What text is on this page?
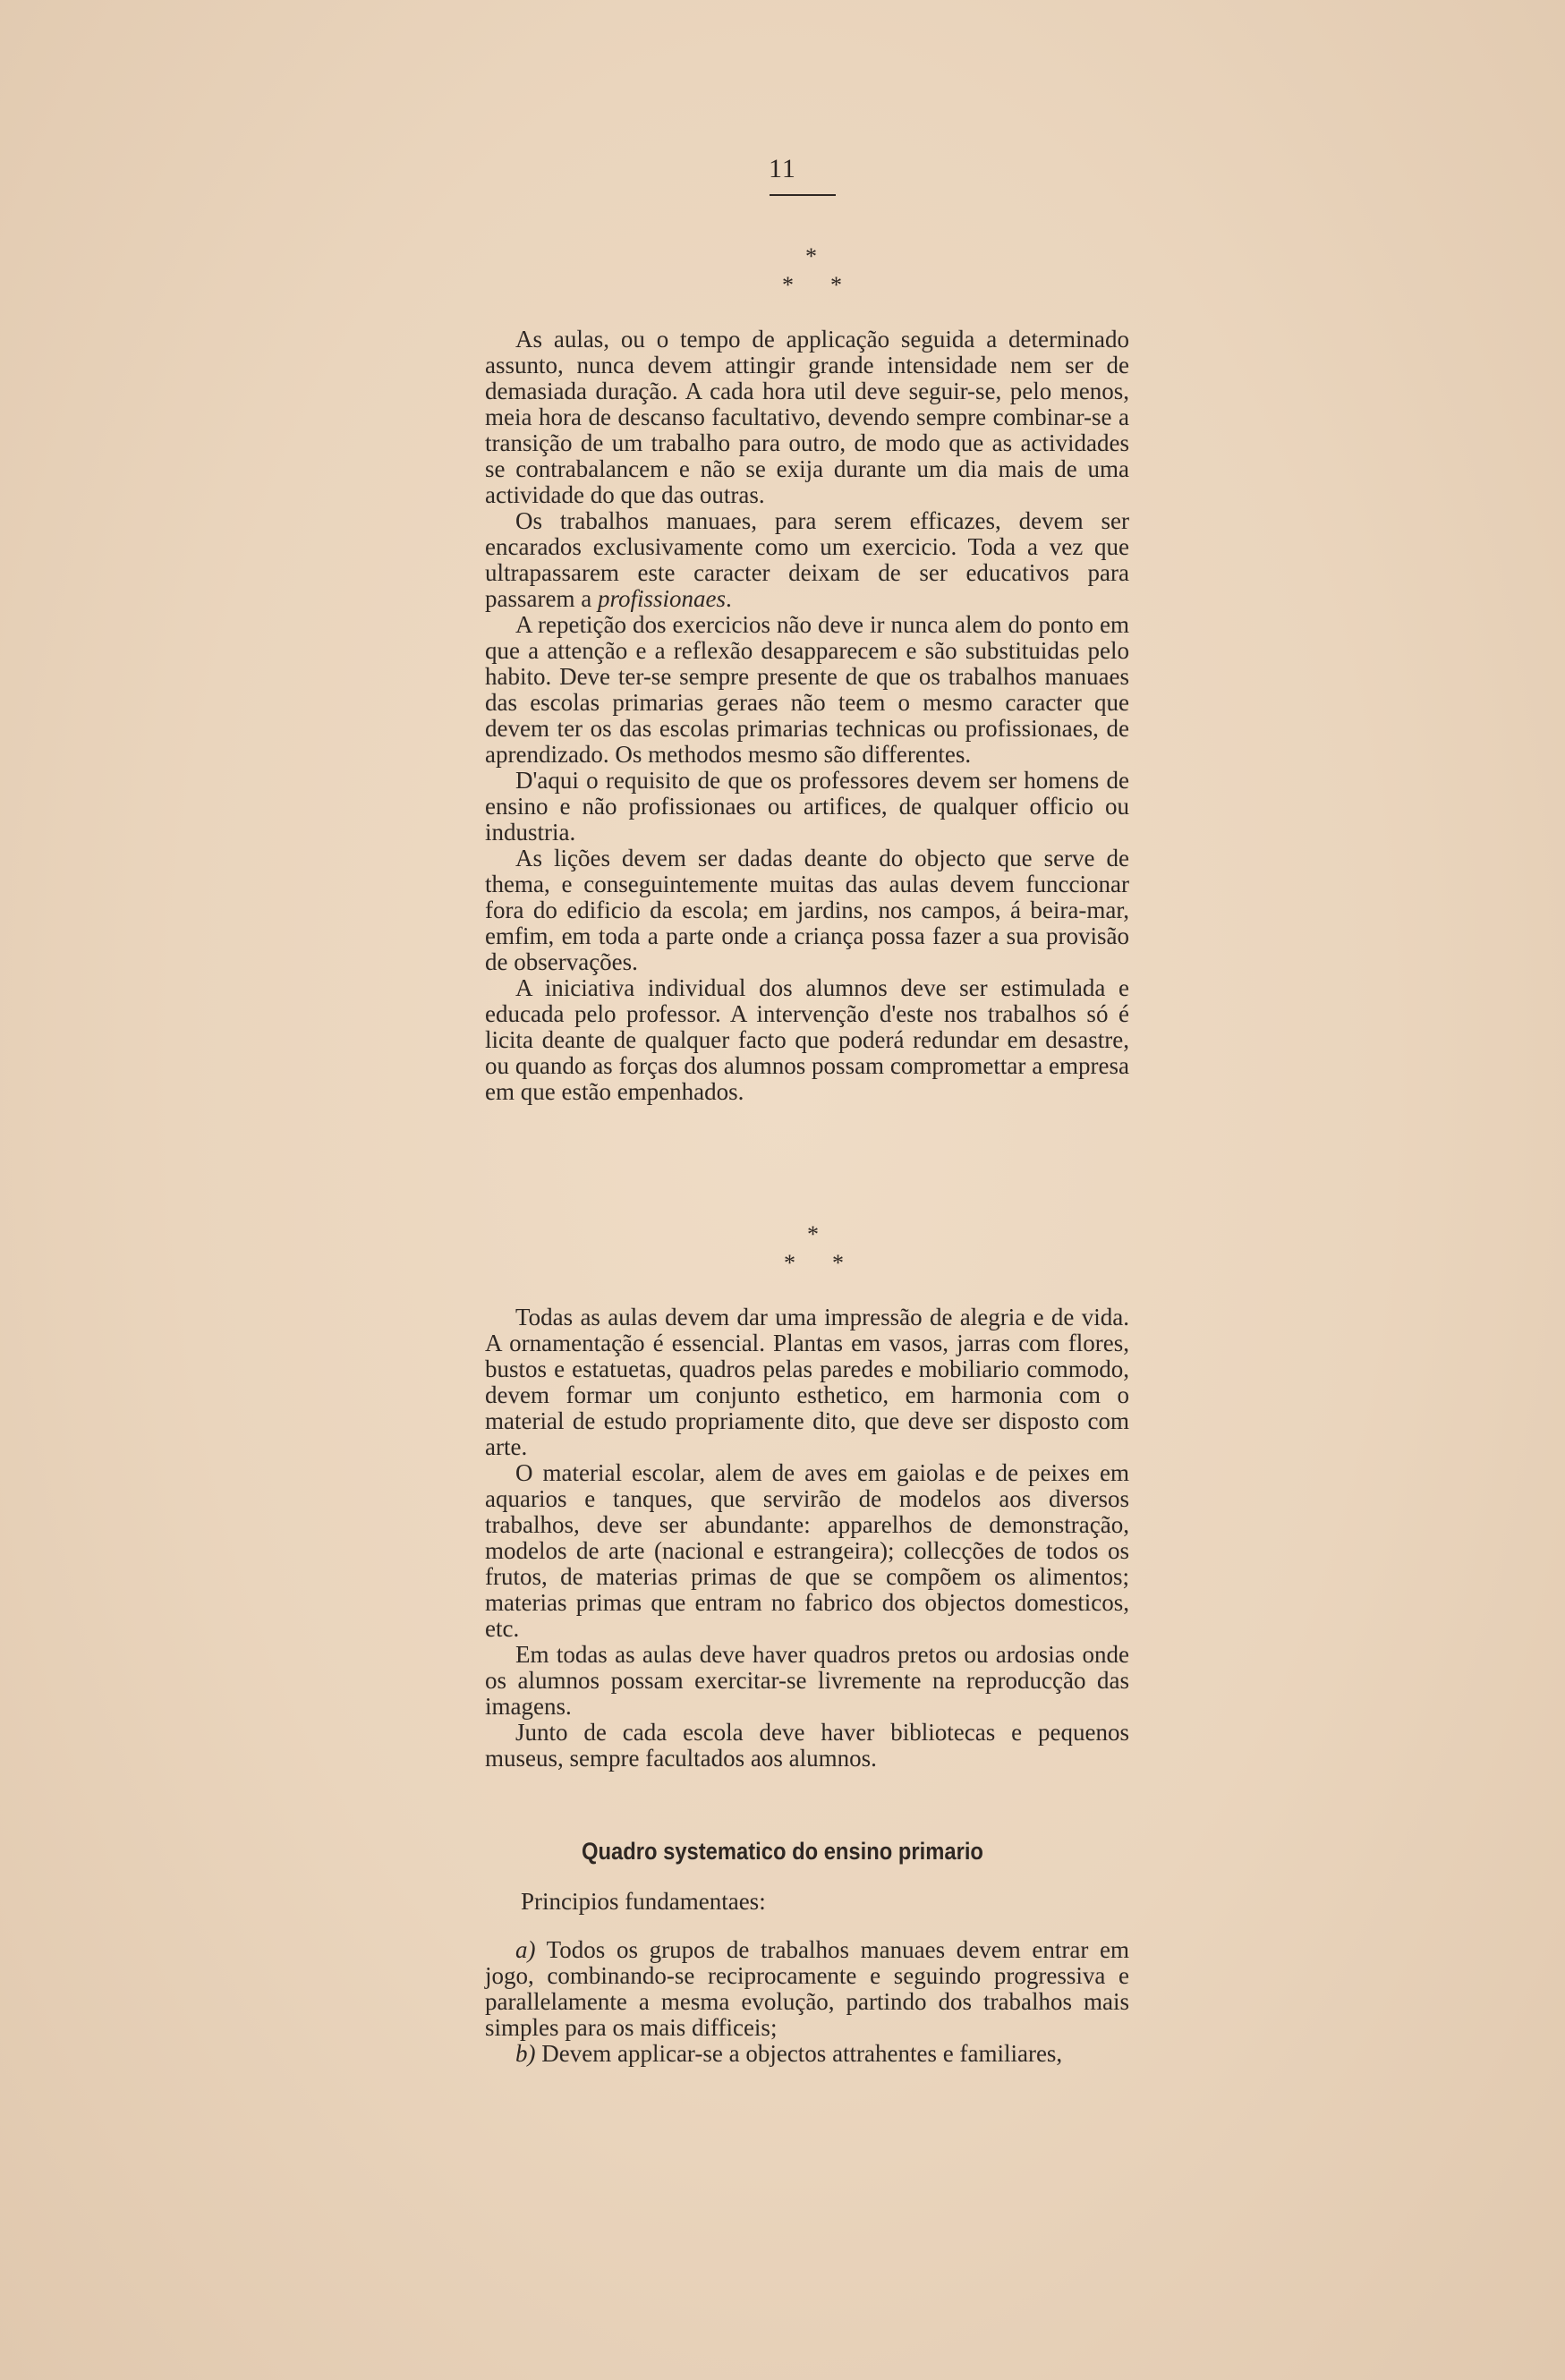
11
*
* *

As aulas, ou o tempo de applicação seguida a determinado assunto, nunca devem attingir grande intensidade nem ser de demasiada duração. A cada hora util deve seguir-se, pelo menos, meia hora de descanso facultativo, devendo sempre combinar-se a transição de um trabalho para outro, de modo que as actividades se contrabalancem e não se exija durante um dia mais de uma actividade do que das outras.

Os trabalhos manuaes, para serem efficazes, devem ser encarados exclusivamente como um exercicio. Toda a vez que ultrapassarem este caracter deixam de ser educativos para passarem a profissionaes.

A repetição dos exercicios não deve ir nunca alem do ponto em que a attenção e a reflexão desapparecem e são substituidas pelo habito. Deve ter-se sempre presente de que os trabalhos manuaes das escolas primarias geraes não teem o mesmo caracter que devem ter os das escolas primarias technicas ou profissionaes, de aprendizado. Os methodos mesmo são differentes.

D'aqui o requisito de que os professores devem ser homens de ensino e não profissionaes ou artifices, de qualquer officio ou industria.

As lições devem ser dadas deante do objecto que serve de thema, e conseguintemente muitas das aulas devem funccionar fora do edificio da escola; em jardins, nos campos, á beira-mar, emfim, em toda a parte onde a criança possa fazer a sua provisão de observações.

A iniciativa individual dos alumnos deve ser estimulada e educada pelo professor. A intervenção d'este nos trabalhos só é licita deante de qualquer facto que poderá redundar em desastre, ou quando as forças dos alumnos possam compromettar a empresa em que estão empenhados.

*
* *

Todas as aulas devem dar uma impressão de alegria e de vida. A ornamentação é essencial. Plantas em vasos, jarras com flores, bustos e estatuetas, quadros pelas paredes e mobiliario commodo, devem formar um conjunto esthetico, em harmonia com o material de estudo propriamente dito, que deve ser disposto com arte.

O material escolar, alem de aves em gaiolas e de peixes em aquarios e tanques, que servirão de modelos aos diversos trabalhos, deve ser abundante: apparelhos de demonstração, modelos de arte (nacional e estrangeira); collecções de todos os frutos, de materias primas de que se compõem os alimentos; materias primas que entram no fabrico dos objectos domesticos, etc.

Em todas as aulas deve haver quadros pretos ou ardosias onde os alumnos possam exercitar-se livremente na reproducção das imagens.

Junto de cada escola deve haver bibliotecas e pequenos museus, sempre facultados aos alumnos.

Quadro systematico do ensino primario
Principios fundamentaes:

a) Todos os grupos de trabalhos manuaes devem entrar em jogo, combinando-se reciprocamente e seguindo progressiva e parallelamente a mesma evolução, partindo dos trabalhos mais simples para os mais difficeis;

b) Devem applicar-se a objectos attrahentes e familiares,
